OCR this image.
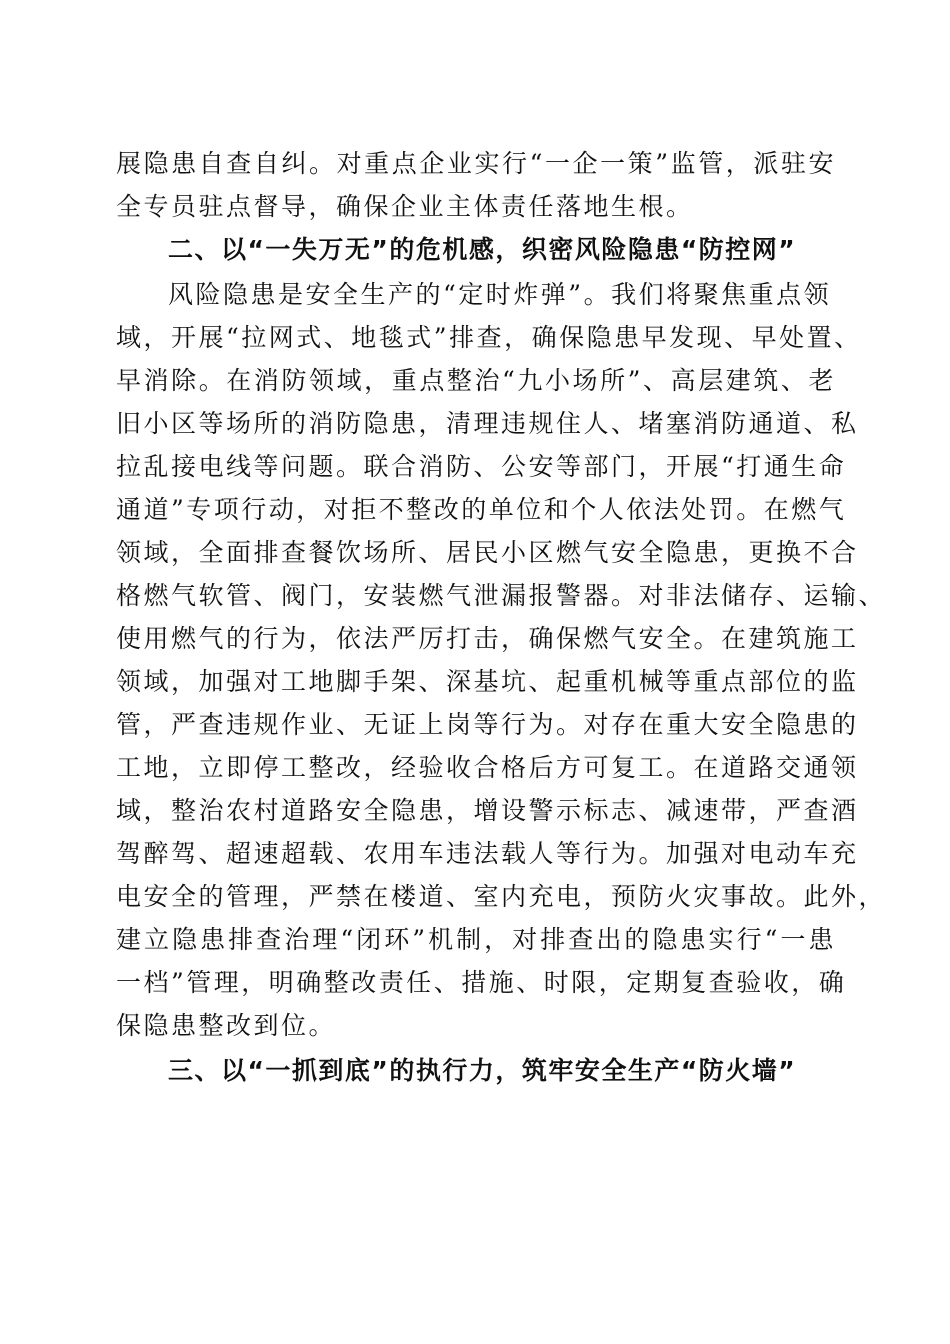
展隐患自查自纠。对重点企业实行“一企一策”监管，派驻安
全专员驻点督导，确保企业主体责任落地生根。
二、以“一失万无”的危机感，织密风险隐患“防控网”
风险隐患是安全生产的“定时炸弹”。我们将聚焦重点领
域，开展“拉网式、地毯式”排查，确保隐患早发现、早处置、
早消除。在消防领域，重点整治“九小场所”、高层建筑、老
旧小区等场所的消防隐患，清理违规住人、堵塞消防通道、私
拉乱接电线等问题。联合消防、公安等部门，开展“打通生命
通道”专项行动，对拒不整改的单位和个人依法处罚。在燃气
领域，全面排查餐饮场所、居民小区燃气安全隐患，更换不合
格燃气软管、阀门，安装燃气泄漏报警器。对非法储存、运输、
使用燃气的行为，依法严厉打击，确保燃气安全。在建筑施工
领域，加强对工地脚手架、深基坑、起重机械等重点部位的监
管，严查违规作业、无证上岗等行为。对存在重大安全隐患的
工地，立即停工整改，经验收合格后方可复工。在道路交通领
域，整治农村道路安全隐患，增设警示标志、减速带，严查酒
驾醉驾、超速超载、农用车违法载人等行为。加强对电动车充
电安全的管理，严禁在楼道、室内充电，预防火灾事故。此外，
建立隐患排查治理“闭环”机制，对排查出的隐患实行“一患
一档”管理，明确整改责任、措施、时限，定期复查验收，确
保隐患整改到位。
三、以“一抓到底”的执行力，筑牢安全生产“防火墙”
